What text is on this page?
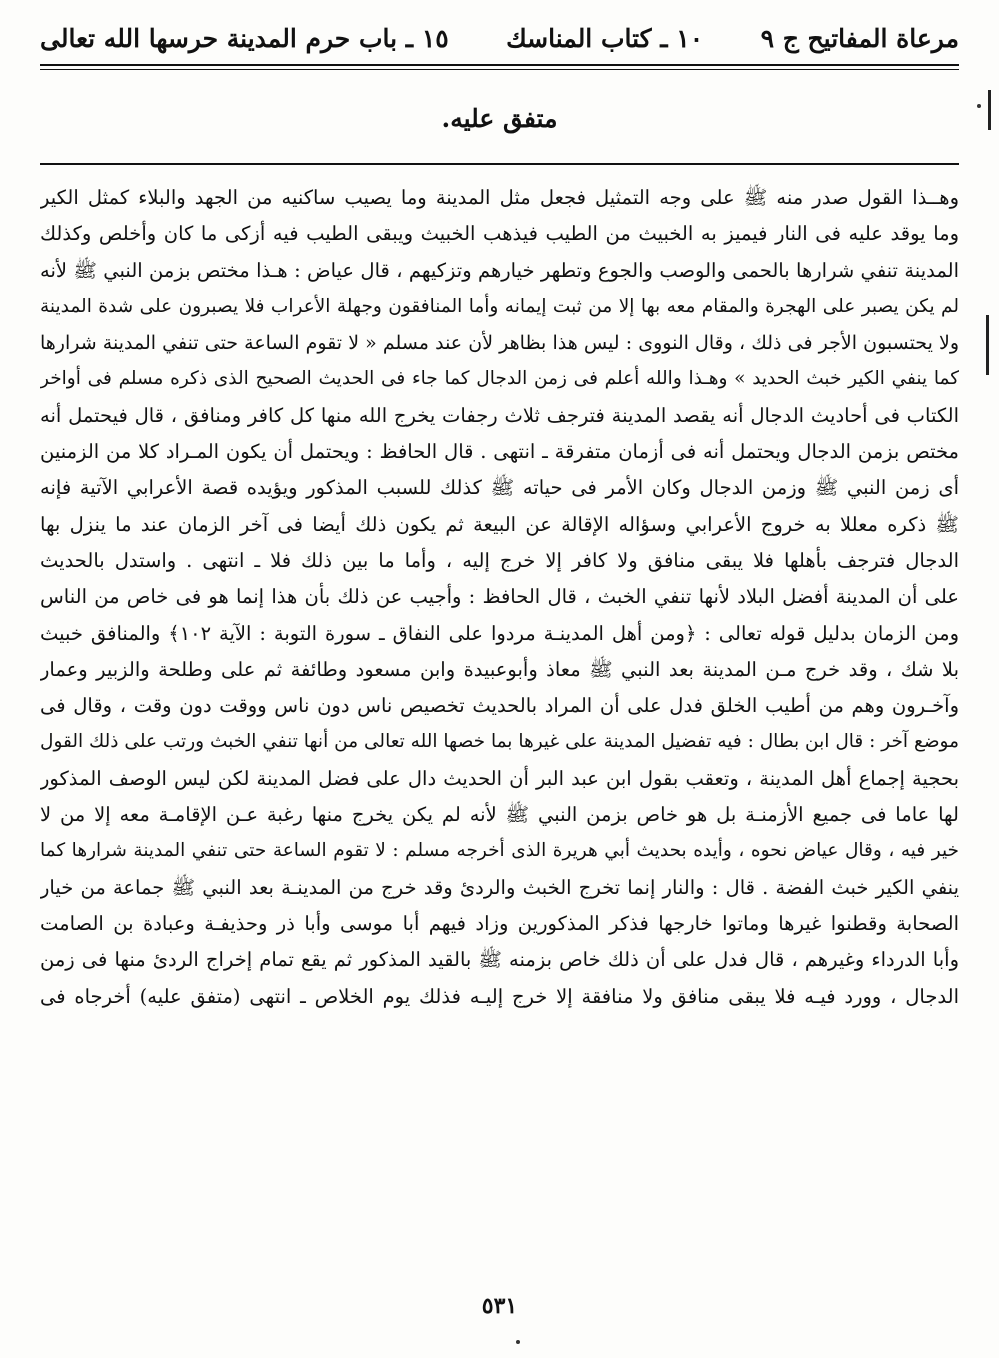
مرعاة المفاتيح ج ٩
١٠ ـ كتاب المناسك
١٥ ـ باب حرم المدينة حرسها الله تعالى
متفق عليه.
وهــذا القول صدر منه ﷺ على وجه التمثيل فجعل مثل المدينة وما يصيب ساكنيه من الجهد والبلاء كمثل الكير
وما يوقد عليه فى النار فيميز به الخبيث من الطيب فيذهب الخبيث ويبقى الطيب فيه أزكى ما كان وأخلص وكذلك
المدينة تنفي شرارها بالحمى والوصب والجوع وتطهر خيارهم وتزكيهم ، قال عياض : هـذا مختص بزمن النبي ﷺ لأنه
لم يكن يصبر على الهجرة والمقام معه بها إلا من ثبت إيمانه وأما المنافقون وجهلة الأعراب فلا يصبرون على شدة المدينة
ولا يحتسبون الأجر فى ذلك ، وقال النووى : ليس هذا بظاهر لأن عند مسلم « لا تقوم الساعة حتى تنفي المدينة شرارها
كما ينفي الكير خبث الحديد » وهـذا والله أعلم فى زمن الدجال كما جاء فى الحديث الصحيح الذى ذكره مسلم فى أواخر
الكتاب فى أحاديث الدجال أنه يقصد المدينة فترجف ثلاث رجفات يخرج الله منها كل كافر ومنافق ، قال فيحتمل أنه
مختص بزمن الدجال ويحتمل أنه فى أزمان متفرقة ـ انتهى . قال الحافظ : ويحتمل أن يكون المـراد كلا من الزمنين
أى زمن النبي ﷺ وزمن الدجال وكان الأمر فى حياته ﷺ كذلك للسبب المذكور ويؤيده قصة الأعرابي الآتية فإنه
ﷺ ذكره معللا به خروج الأعرابي وسؤاله الإقالة عن البيعة ثم يكون ذلك أيضا فى آخر الزمان عند ما ينزل بها
الدجال فترجف بأهلها فلا يبقى منافق ولا كافر إلا خرج إليه ، وأما ما بين ذلك فلا ـ انتهى . واستدل بالحديث
على أن المدينة أفضل البلاد لأنها تنفي الخبث ، قال الحافظ : وأجيب عن ذلك بأن هذا إنما هو فى خاص من الناس
ومن الزمان بدليل قوله تعالى : ﴿ومن أهل المدينـة مردوا على النفاق ـ سورة التوبة : الآية ١٠٢﴾ والمنافق خبيث
بلا شك ، وقد خرج مـن المدينة بعد النبي ﷺ معاذ وأبوعبيدة وابن مسعود وطائفة ثم على وطلحة والزبير وعمار
وآخـرون وهم من أطيب الخلق فدل على أن المراد بالحديث تخصيص ناس دون ناس ووقت دون وقت ، وقال فى
موضع آخر : قال ابن بطال : فيه تفضيل المدينة على غيرها بما خصها الله تعالى من أنها تنفي الخبث ورتب على ذلك القول
بحجية إجماع أهل المدينة ، وتعقب بقول ابن عبد البر أن الحديث دال على فضل المدينة لكن ليس الوصف المذكور
لها عاما فى جميع الأزمنـة بل هو خاص بزمن النبي ﷺ لأنه لم يكن يخرج منها رغبة عـن الإقامـة معه إلا من لا
خير فيه ، وقال عياض نحوه ، وأيده بحديث أبي هريرة الذى أخرجه مسلم : لا تقوم الساعة حتى تنفي المدينة شرارها كما
ينفي الكير خبث الفضة . قال : والنار إنما تخرج الخبث والردئ وقد خرج من المدينـة بعد النبي ﷺ جماعة من خيار
الصحابة وقطنوا غيرها وماتوا خارجها فذكر المذكورين وزاد فيهم أبا موسى وأبا ذر وحذيفـة وعبادة بن الصامت
وأبا الدرداء وغيرهم ، قال فدل على أن ذلك خاص بزمنه ﷺ بالقيد المذكور ثم يقع تمام إخراج الردئ منها فى زمن
الدجال ، وورد فيـه فلا يبقى منافق ولا منافقة إلا خرج إليـه فذلك يوم الخلاص ـ انتهى (متفق عليه) أخرجاه فى
٥٣١
